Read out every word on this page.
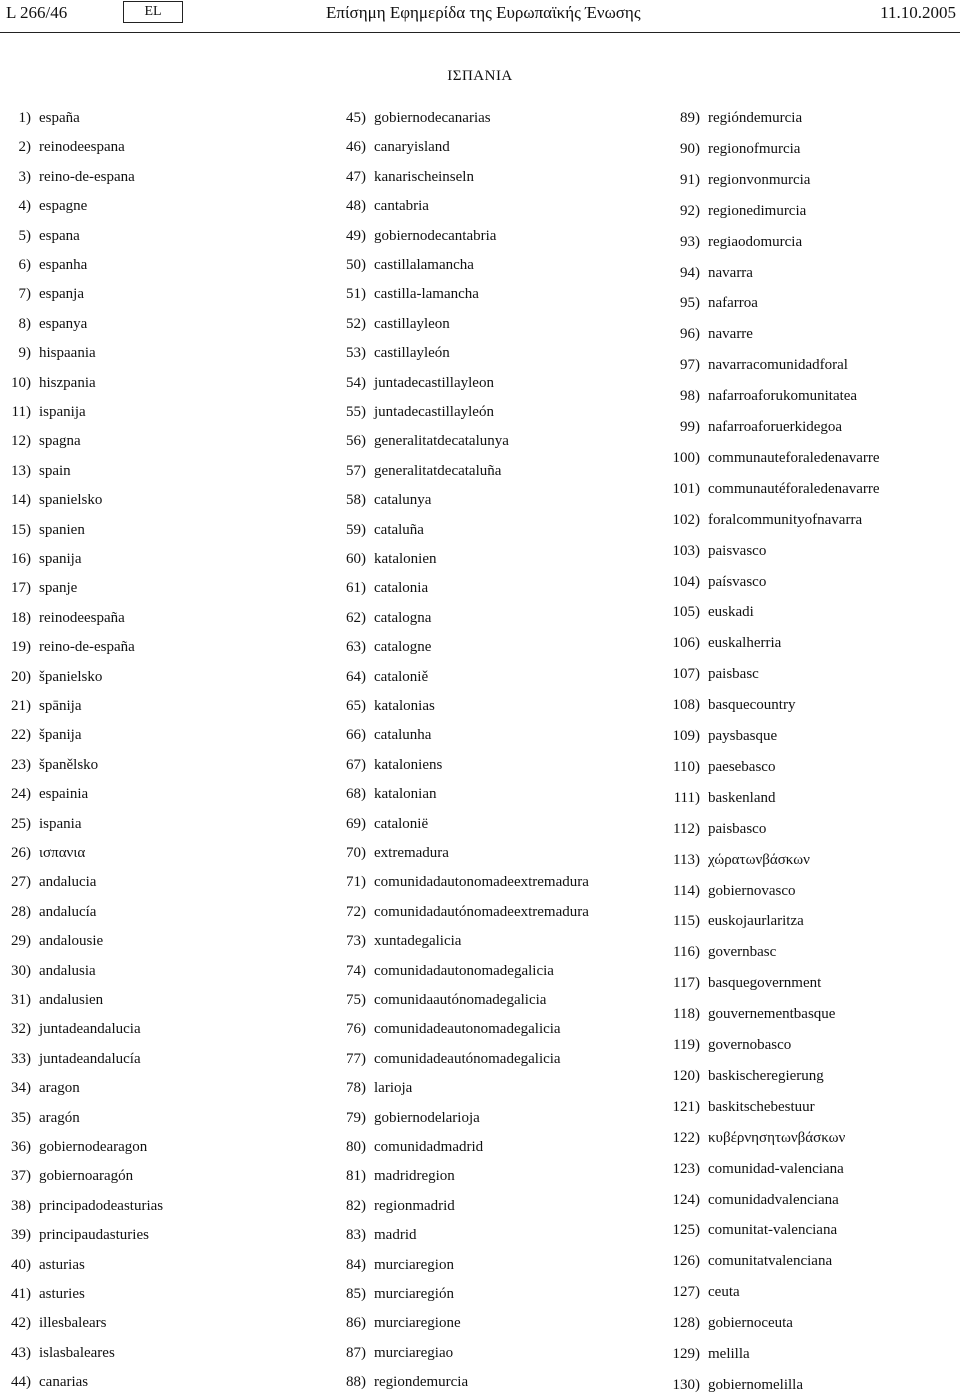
L 266/46	EL	Επίσημη Εφημερίδα της Ευρωπαϊκής Ένωσης	11.10.2005
ΙΣΠΑΝΙΑ
1) españa
2) reinodeespana
3) reino-de-espana
4) espagne
5) espana
6) espanha
7) espanja
8) espanya
9) hispaania
10) hiszpania
11) ispanija
12) spagna
13) spain
14) spanielsko
15) spanien
16) spanija
17) spanje
18) reinodeespaña
19) reino-de-españa
20) španielsko
21) spānija
22) španija
23) španělsko
24) espainia
25) ispania
26) ισπανια
27) andalucia
28) andalucía
29) andalousie
30) andalusia
31) andalusien
32) juntadeandalucia
33) juntadeandalucía
34) aragon
35) aragón
36) gobiernodearagon
37) gobiernoaragón
38) principadodeasturias
39) principaudasturies
40) asturias
41) asturies
42) illesbalears
43) islasbaleares
44) canarias
45) gobiernodecanarias
46) canaryisland
47) kanarischeinseln
48) cantabria
49) gobiernodecantabria
50) castillalamancha
51) castilla-lamancha
52) castillayleon
53) castillayleón
54) juntadecastillayleon
55) juntadecastillayleón
56) generalitatdecatalunya
57) generalitatdecataluña
58) catalunya
59) cataluña
60) katalonien
61) catalonia
62) catalogna
63) catalogne
64) cataloniě
65) katalonias
66) catalunha
67) kataloniens
68) katalonian
69) cataloniё
70) extremadura
71) comunidadautonomadeextremadura
72) comunidadautónomadeextremadura
73) xuntadegalicia
74) comunidadautonomadegalicia
75) comunidaautónomadegalicia
76) comunidadeautonomadegalicia
77) comunidadeautónomadegalicia
78) larioja
79) gobiernodelarioja
80) comunidadmadrid
81) madridregion
82) regionmadrid
83) madrid
84) murciaregion
85) murciaregión
86) murciaregione
87) murciaregiao
88) regiondemurcia
89) regióndemurcia
90) regionofmurcia
91) regionvonmurcia
92) regionedimurcia
93) regiaodomurcia
94) navarra
95) nafarroa
96) navarre
97) navarracomunidadforal
98) nafarroaforukomunitatea
99) nafarroaforuerkidegoa
100) communauteforaledenavarre
101) communautéforaledenavarre
102) foralcommunityofnavarra
103) paisvasco
104) paísvasco
105) euskadi
106) euskalherria
107) paisbasc
108) basquecountry
109) paysbasque
110) paesebasco
111) baskenland
112) paisbasco
113) χώρατωνβάσκων
114) gobiernovasco
115) euskojaurlaritza
116) governbasc
117) basquegovernment
118) gouvernementbasque
119) governobasco
120) baskischeregierung
121) baskitschebestuur
122) κυβέρνησητωνβάσκων
123) comunidad-valenciana
124) comunidadvalenciana
125) comunitat-valenciana
126) comunitatvalenciana
127) ceuta
128) gobiernoceuta
129) melilla
130) gobiernomelilla
